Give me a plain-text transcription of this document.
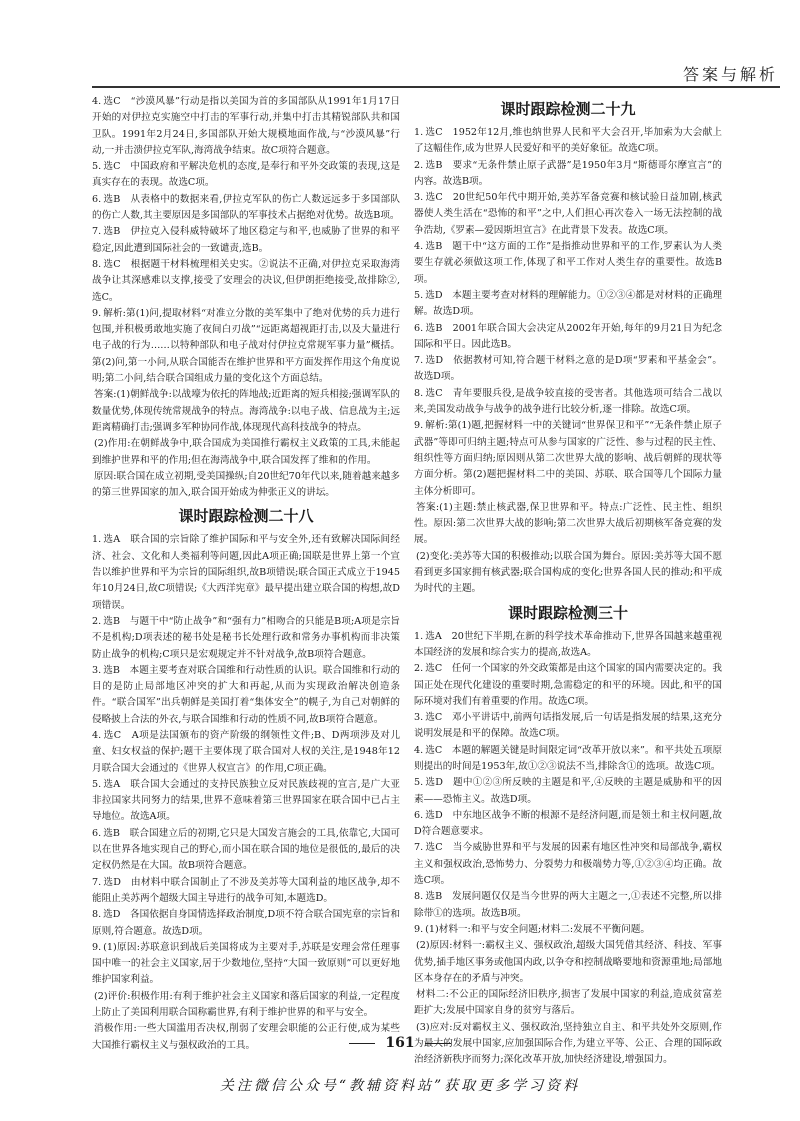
答案与解析

4. 选C　“沙漠风暴”行动是指以美国为首的多国部队从1991年1月17日开始的对伊拉克实施空中打击的军事行动,并集中打击其精锐部队共和国卫队。1991年2月24日,多国部队开始大规模地面作战,与“沙漠风暴”行动,一并击溃伊拉克军队,海湾战争结束。故C项符合题意。

5. 选C　中国政府和平解决危机的态度,是奉行和平外交政策的表现,这是真实存在的表现。故选C项。

6. 选B　从表格中的数据来看,伊拉克军队的伤亡人数远远多于多国部队的伤亡人数,其主要原因是多国部队的军事技术占据绝对优势。故选B项。

7. 选B　伊拉克入侵科威特破坏了地区稳定与和平,也威胁了世界的和平稳定,因此遭到国际社会的一致谴责,选B。

8. 选C　根据题干材料梳理相关史实。②说法不正确,对伊拉克采取海湾战争让其深感难以支撑,接受了安理会的决议,但伊朗拒绝接受,故排除②,选C。

9. 解析:第(1)问,提取材料“对准立分散的美军集中了绝对优势的兵力进行包围,并积极勇敢地实施了夜间白刃战”“远距离超视距打击,以及大量进行电子战的行为……以特种部队和电子战对付伊拉克常规军事力量”概括。第(2)问,第一小问,从联合国能否在维护世界和平方面发挥作用这个角度说明;第二小问,结合联合国组成力量的变化这个方面总结。

答案:(1)朝鲜战争:以战壕为依托的阵地战;近距离的短兵相接;强调军队的数量优势,体现传统常规战争的特点。海湾战争:以电子战、信息战为主;远距离精确打击;强调多军种协同作战,体现现代高科技战争的特点。

(2)作用:在朝鲜战争中,联合国成为美国推行霸权主义政策的工具,未能起到维护世界和平的作用;但在海湾战争中,联合国发挥了维和的作用。

原因:联合国在成立初期,受美国操纵;自20世纪70年代以来,随着越来越多的第三世界国家的加入,联合国开始成为伸张正义的讲坛。

课时跟踪检测二十八

1. 选A　联合国的宗旨除了维护国际和平与安全外,还有致解决国际间经济、社会、文化和人类福利等问题,因此A项正确;国联是世界上第一个宣告以维护世界和平为宗旨的国际组织,故B项错误;联合国正式成立于1945年10月24日,故C项错误;《大西洋宪章》最早提出建立联合国的构想,故D项错误。

2. 选B　与题干中“防止战争”和“强有力”相吻合的只能是B项;A项是宗旨不是机构;D项表述的秘书处是秘书长处理行政和常务办事机构而非决策防止战争的机构;C项只是宏观规定并不针对战争,故B项符合题意。

3. 选B　本题主要考查对联合国维和行动性质的认识。联合国维和行动的目的是防止局部地区冲突的扩大和再起,从而为实现政治解决创造条件。“联合国军”出兵朝鲜是美国打着“集体安全”的幌子,为自己对朝鲜的侵略披上合法的外衣,与联合国维和行动的性质不同,故B项符合题意。

4. 选C　A项是法国颁布的资产阶级的纲领性文件;B、D两项涉及对儿童、妇女权益的保护;题干主要体现了联合国对人权的关注,是1948年12月联合国大会通过的《世界人权宣言》的作用,C项正确。

5. 选A　联合国大会通过的支持民族独立反对民族歧视的宣言,是广大亚非拉国家共同努力的结果,世界不意味着第三世界国家在联合国中已占主导地位。故选A项。

6. 选B　联合国建立后的初期,它只是大国发言施会的工具,依靠它,大国可以在世界各地实现自己的野心,而小国在联合国的地位是很低的,最后的决定权仍然是在大国。故B项符合题意。

7. 选D　由材料中联合国制止了不涉及美苏等大国利益的地区战争,却不能阻止美苏两个超级大国主导进行的战争可知,本题选D。

8. 选D　各国依据自身国情选择政治制度,D项不符合联合国宪章的宗旨和原则,符合题意。故选D项。

9. (1)原因:苏联意识到战后美国将成为主要对手,苏联是安理会常任理事国中唯一的社会主义国家,居于少数地位,坚持“大国一致原则”可以更好地维护国家利益。

(2)评价:积极作用:有利于维护社会主义国家和落后国家的利益,一定程度上防止了美国利用联合国称霸世界,有利于维护世界的和平与安全。

消极作用:一些大国滥用否决权,削弱了安理会职能的公正行使,成为某些大国推行霸权主义与强权政治的工具。

课时跟踪检测二十九

1. 选C　1952年12月,维也纳世界人民和平大会召开,毕加索为大会献上了这幅佳作,成为世界人民爱好和平的美好象征。故选C项。

2. 选B　要求“无条件禁止原子武器”是1950年3月“斯德哥尔摩宣言”的内容。故选B项。

3. 选C　20世纪50年代中期开始,美苏军备竞赛和核试验日益加剧,核武器使人类生活在“恐怖的和平”之中,人们担心再次卷入一场无法控制的战争浩劫,《罗素—爱因斯坦宣言》在此背景下发表。故选C项。

4. 选B　题干中“这方面的工作”是指推动世界和平的工作,罗素认为人类要生存就必须做这项工作,体现了和平工作对人类生存的重要性。故选B项。

5. 选D　本题主要考查对材料的理解能力。①②③④都是对材料的正确理解。故选D项。

6. 选B　2001年联合国大会决定从2002年开始,每年的9月21日为纪念国际和平日。因此选B。

7. 选D　依据教材可知,符合题干材料之意的是D项“罗素和平基金会”。故选D项。

8. 选C　青年要服兵役,是战争较直接的受害者。其他选项可结合二战以来,美国发动战争与战争的战争进行比较分析,逐一排除。故选C项。

9. 解析:第(1)题,把握材料一中的关键词“世界保卫和平”“无条件禁止原子武器”等即可归纳主题;特点可从参与国家的广泛性、参与过程的民主性、组织性等方面归纳;原因则从第二次世界大战的影响、战后朝鲜的现状等方面分析。第(2)题把握材料二中的美国、苏联、联合国等几个国际力量主体分析即可。

答案:(1)主题:禁止核武器,保卫世界和平。特点:广泛性、民主性、组织性。原因:第二次世界大战的影响;第二次世界大战后初期核军备竞赛的发展。

(2)变化:美苏等大国的积极推动;以联合国为舞台。原因:美苏等大国不愿看到更多国家拥有核武器;联合国构成的变化;世界各国人民的推动;和平成为时代的主题。

课时跟踪检测三十

1. 选A　20世纪下半期,在新的科学技术革命推动下,世界各国越来越重视本国经济的发展和综合实力的提高,故选A。

2. 选C　任何一个国家的外交政策都是由这个国家的国内需要决定的。我国正处在现代化建设的重要时期,急需稳定的和平的环境。因此,和平的国际环境对我们有着重要的作用。故选C项。

3. 选C　邓小平讲话中,前两句话指发展,后一句话是指发展的结果,这充分说明发展是和平的保障。故选C项。

4. 选C　本题的解题关键是时间限定词“改革开放以来”。和平共处五项原则提出的时间是1953年,故①②③说法不当,排除含①的选项。故选C项。

5. 选D　题中①②③所反映的主题是和平,④反映的主题是威胁和平的因素——恐怖主义。故选D项。

6. 选D　中东地区战争不断的根源不是经济问题,而是领土和主权问题,故D符合题意要求。

7. 选C　当今威胁世界和平与发展的因素有地区性冲突和局部战争,霸权主义和强权政治,恐怖势力、分裂势力和极端势力等,①②③④均正确。故选C项。

8. 选B　发展问题仅仅是当今世界的两大主题之一,①表述不完整,所以排除带①的选项。故选B项。

9. (1)材料一:和平与安全问题;材料二:发展不平衡问题。

(2)原因:材料一:霸权主义、强权政治,超级大国凭借其经济、科技、军事优势,插手地区事务或他国内政,以争夺和控制战略要地和资源重地;局部地区本身存在的矛盾与冲突。

材料二:不公正的国际经济旧秩序,损害了发展中国家的利益,造成贫富差距扩大;发展中国家自身的贫穷与落后。

(3)应对:反对霸权主义、强权政治,坚持独立自主、和平共处外交原则,作为最大的发展中国家,应加强国际合作,为建立平等、公正、合理的国际政治经济新秩序而努力;深化改革开放,加快经济建设,增强国力。

161
关注微信公众号“教辅资料站”获取更多学习资料
